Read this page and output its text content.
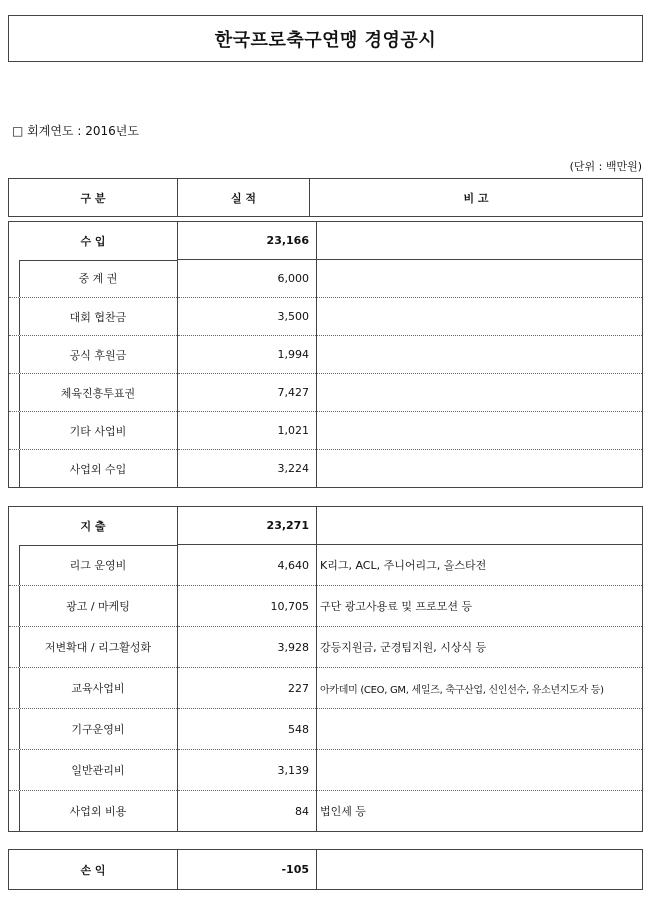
한국프로축구연맹 경영공시
□ 회계연도 : 2016년도
(단위 : 백만원)
구 분	실 적	비 고
수 입	23,166	
중 계 권	6,000	
대회 협찬금	3,500	
공식 후원금	1,994	
체육진흥투표권	7,427	
기타 사업비	1,021	
사업외 수입	3,224	
지 출	23,271	
리그 운영비	4,640	K리그, ACL, 주니어리그, 올스타전
광고 / 마케팅	10,705	구단 광고사용료 및 프로모션 등
저변확대 / 리그활성화	3,928	강등지원금, 군경팀지원, 시상식 등
교육사업비	227	아카데미 (CEO, GM, 세일즈, 축구산업, 신인선수, 유소년지도자 등)
기구운영비	548	
일반관리비	3,139	
사업외 비용	84	법인세 등
손 익	-105	
